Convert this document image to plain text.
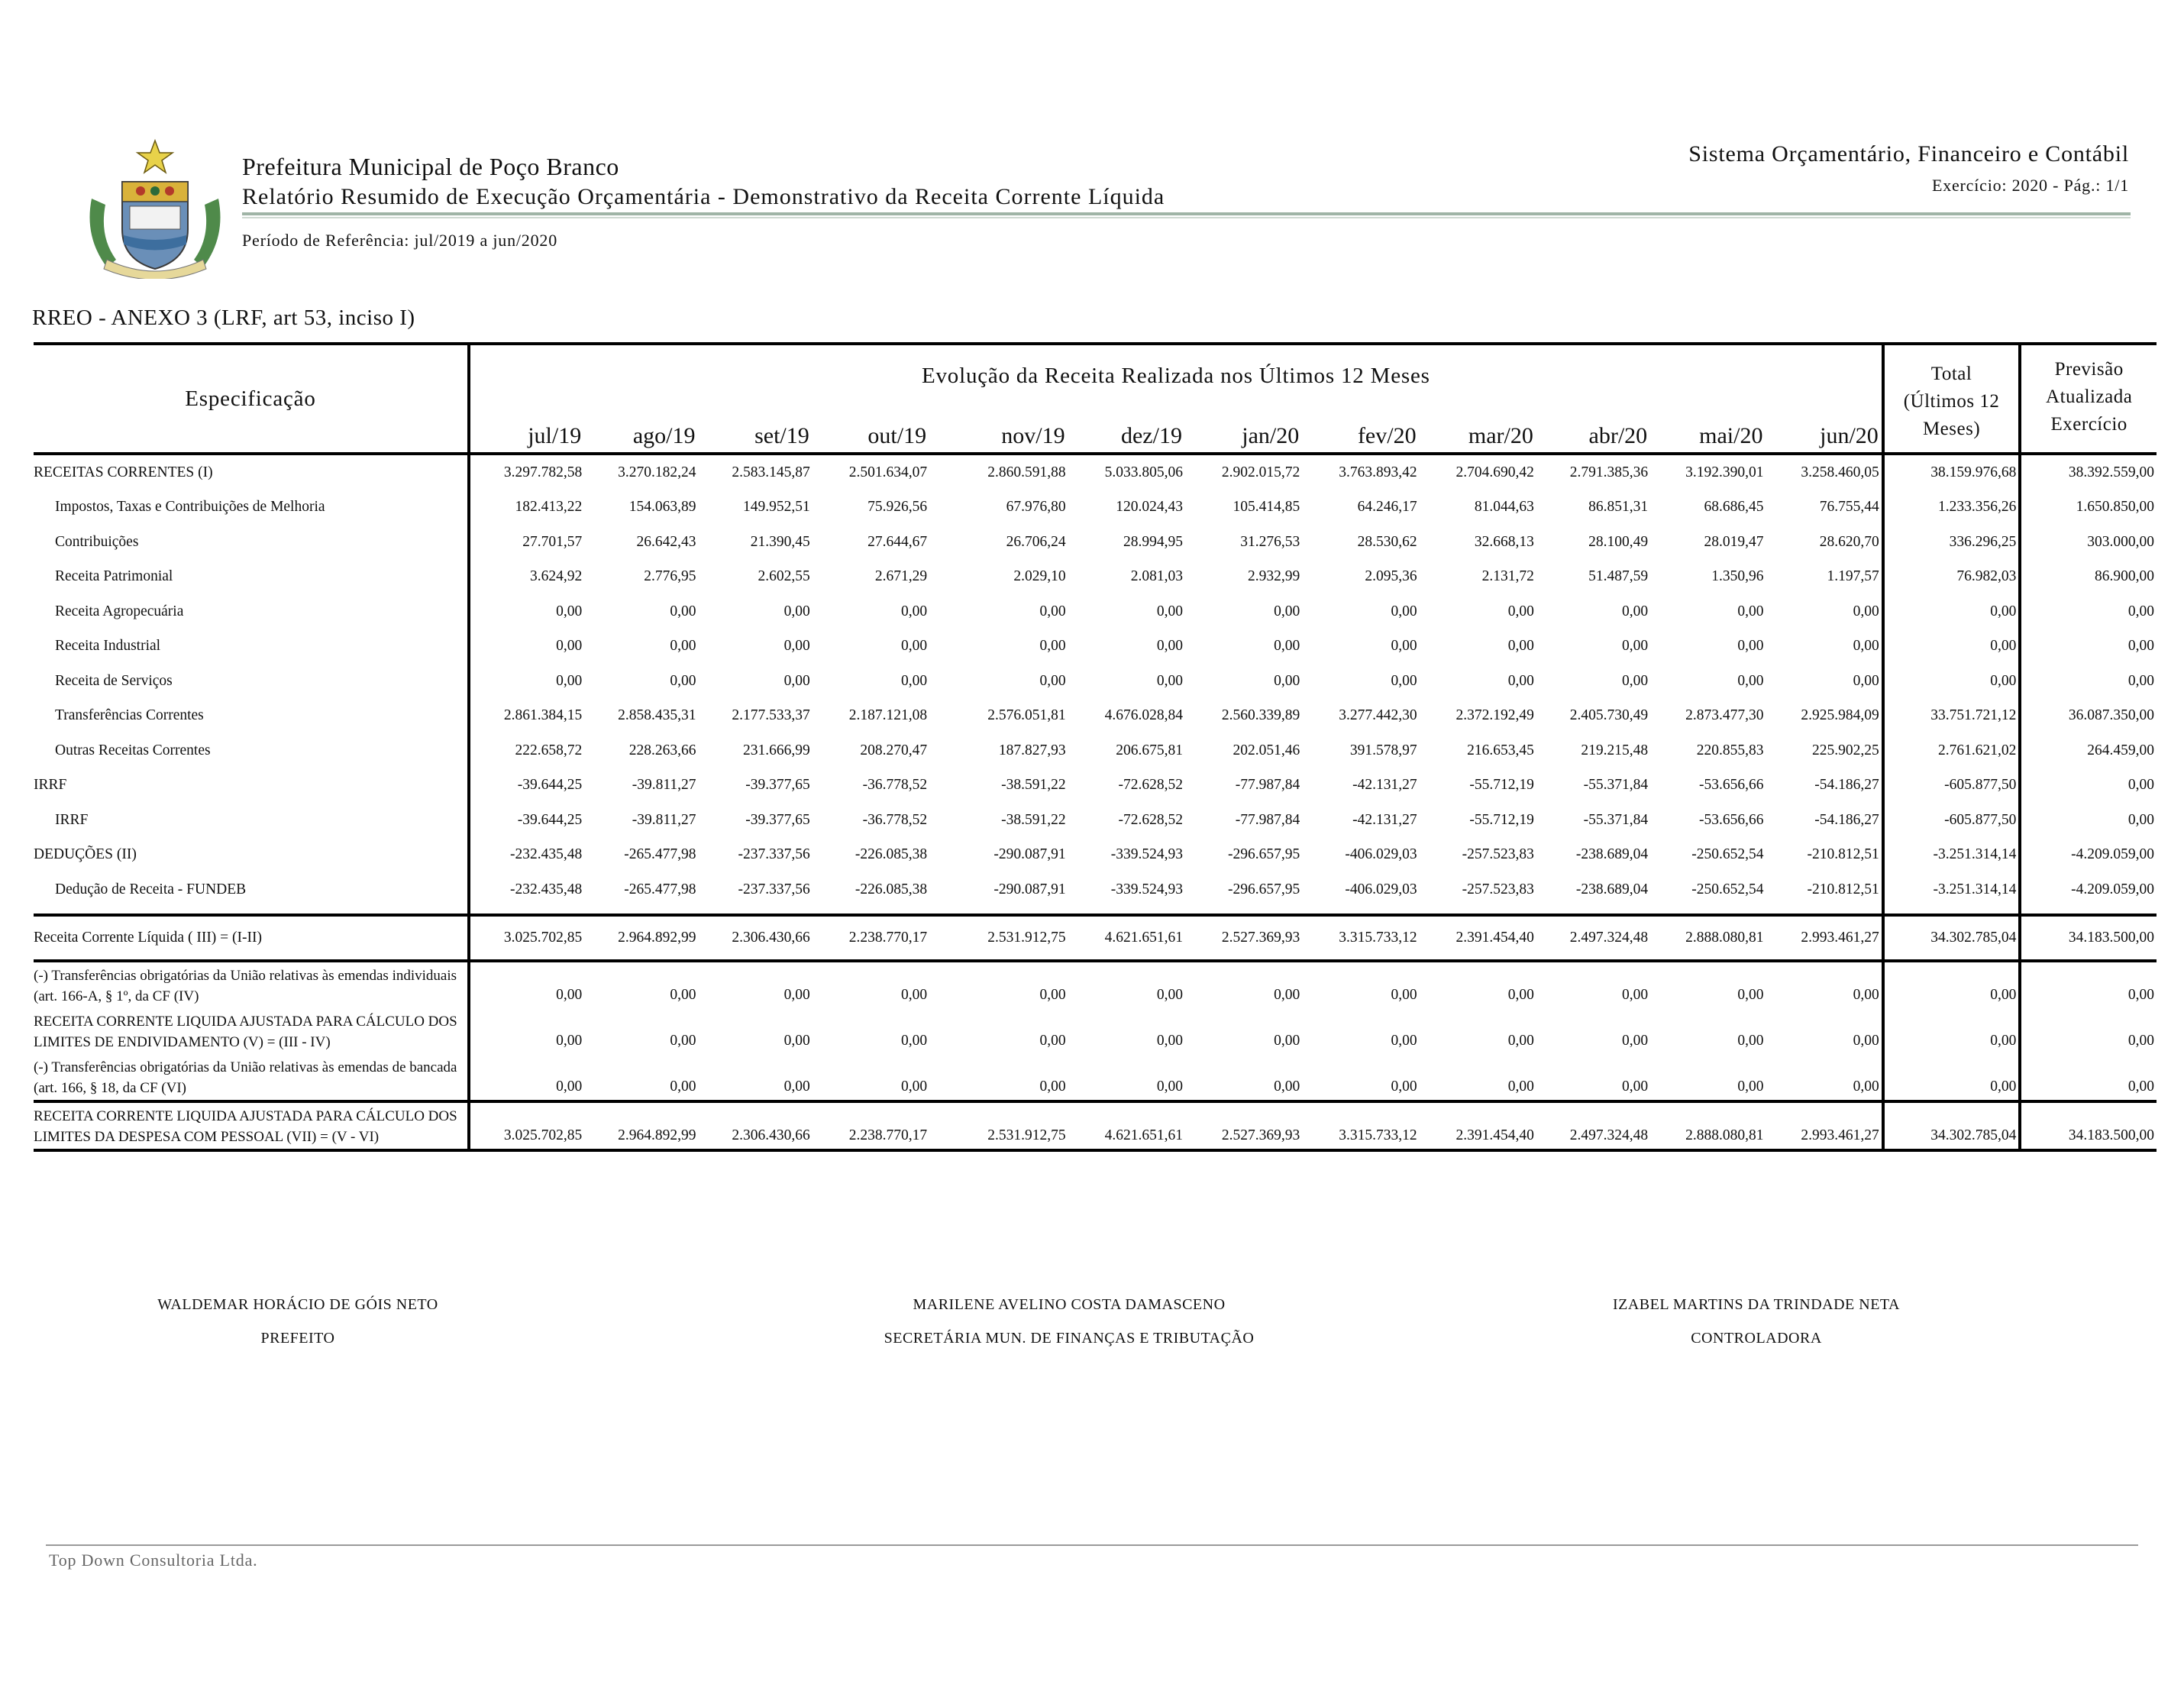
Prefeitura Municipal de Poço Branco
Relatório Resumido de Execução Orçamentária - Demonstrativo da Receita Corrente Líquida
Período de Referência: jul/2019 a jun/2020
Sistema Orçamentário, Financeiro e Contábil
Exercício: 2020 - Pág.: 1/1
RREO - ANEXO 3 (LRF, art 53, inciso I)
Especificação	Evolução da Receita Realizada nos Últimos 12 Meses												Total (Últimos 12 Meses)	Previsão Atualizada Exercício
	jul/19	ago/19	set/19	out/19	nov/19	dez/19	jan/20	fev/20	mar/20	abr/20	mai/20	jun/20		
RECEITAS CORRENTES (I)	3.297.782,58	3.270.182,24	2.583.145,87	2.501.634,07	2.860.591,88	5.033.805,06	2.902.015,72	3.763.893,42	2.704.690,42	2.791.385,36	3.192.390,01	3.258.460,05	38.159.976,68	38.392.559,00
Impostos, Taxas e Contribuições de Melhoria	182.413,22	154.063,89	149.952,51	75.926,56	67.976,80	120.024,43	105.414,85	64.246,17	81.044,63	86.851,31	68.686,45	76.755,44	1.233.356,26	1.650.850,00
Contribuições	27.701,57	26.642,43	21.390,45	27.644,67	26.706,24	28.994,95	31.276,53	28.530,62	32.668,13	28.100,49	28.019,47	28.620,70	336.296,25	303.000,00
Receita Patrimonial	3.624,92	2.776,95	2.602,55	2.671,29	2.029,10	2.081,03	2.932,99	2.095,36	2.131,72	51.487,59	1.350,96	1.197,57	76.982,03	86.900,00
Receita Agropecuária	0,00	0,00	0,00	0,00	0,00	0,00	0,00	0,00	0,00	0,00	0,00	0,00	0,00	0,00
Receita Industrial	0,00	0,00	0,00	0,00	0,00	0,00	0,00	0,00	0,00	0,00	0,00	0,00	0,00	0,00
Receita de Serviços	0,00	0,00	0,00	0,00	0,00	0,00	0,00	0,00	0,00	0,00	0,00	0,00	0,00	0,00
Transferências Correntes	2.861.384,15	2.858.435,31	2.177.533,37	2.187.121,08	2.576.051,81	4.676.028,84	2.560.339,89	3.277.442,30	2.372.192,49	2.405.730,49	2.873.477,30	2.925.984,09	33.751.721,12	36.087.350,00
Outras Receitas Correntes	222.658,72	228.263,66	231.666,99	208.270,47	187.827,93	206.675,81	202.051,46	391.578,97	216.653,45	219.215,48	220.855,83	225.902,25	2.761.621,02	264.459,00
IRRF	-39.644,25	-39.811,27	-39.377,65	-36.778,52	-38.591,22	-72.628,52	-77.987,84	-42.131,27	-55.712,19	-55.371,84	-53.656,66	-54.186,27	-605.877,50	0,00
IRRF	-39.644,25	-39.811,27	-39.377,65	-36.778,52	-38.591,22	-72.628,52	-77.987,84	-42.131,27	-55.712,19	-55.371,84	-53.656,66	-54.186,27	-605.877,50	0,00
DEDUÇÕES (II)	-232.435,48	-265.477,98	-237.337,56	-226.085,38	-290.087,91	-339.524,93	-296.657,95	-406.029,03	-257.523,83	-238.689,04	-250.652,54	-210.812,51	-3.251.314,14	-4.209.059,00
Dedução de Receita - FUNDEB	-232.435,48	-265.477,98	-237.337,56	-226.085,38	-290.087,91	-339.524,93	-296.657,95	-406.029,03	-257.523,83	-238.689,04	-250.652,54	-210.812,51	-3.251.314,14	-4.209.059,00

Receita Corrente Líquida ( III) = (I-II)	3.025.702,85	2.964.892,99	2.306.430,66	2.238.770,17	2.531.912,75	4.621.651,61	2.527.369,93	3.315.733,12	2.391.454,40	2.497.324,48	2.888.080,81	2.993.461,27	34.302.785,04	34.183.500,00
(-) Transferências obrigatórias da União relativas às emendas individuais (art. 166-A, § 1º, da CF (IV)	0,00	0,00	0,00	0,00	0,00	0,00	0,00	0,00	0,00	0,00	0,00	0,00	0,00	0,00
RECEITA CORRENTE LIQUIDA AJUSTADA PARA CÁLCULO DOS LIMITES DE ENDIVIDAMENTO (V) = (III - IV)	0,00	0,00	0,00	0,00	0,00	0,00	0,00	0,00	0,00	0,00	0,00	0,00	0,00	0,00
(-) Transferências obrigatórias da União relativas às emendas de bancada (art. 166, § 18, da CF (VI)	0,00	0,00	0,00	0,00	0,00	0,00	0,00	0,00	0,00	0,00	0,00	0,00	0,00	0,00
RECEITA CORRENTE LIQUIDA AJUSTADA PARA CÁLCULO DOS LIMITES DA DESPESA COM PESSOAL (VII) = (V - VI)	3.025.702,85	2.964.892,99	2.306.430,66	2.238.770,17	2.531.912,75	4.621.651,61	2.527.369,93	3.315.733,12	2.391.454,40	2.497.324,48	2.888.080,81	2.993.461,27	34.302.785,04	34.183.500,00
WALDEMAR HORÁCIO DE GÓIS NETO
PREFEITO
MARILENE AVELINO COSTA DAMASCENO
SECRETÁRIA MUN. DE FINANÇAS E TRIBUTAÇÃO
IZABEL MARTINS DA TRINDADE NETA
CONTROLADORA
Top Down Consultoria Ltda.
